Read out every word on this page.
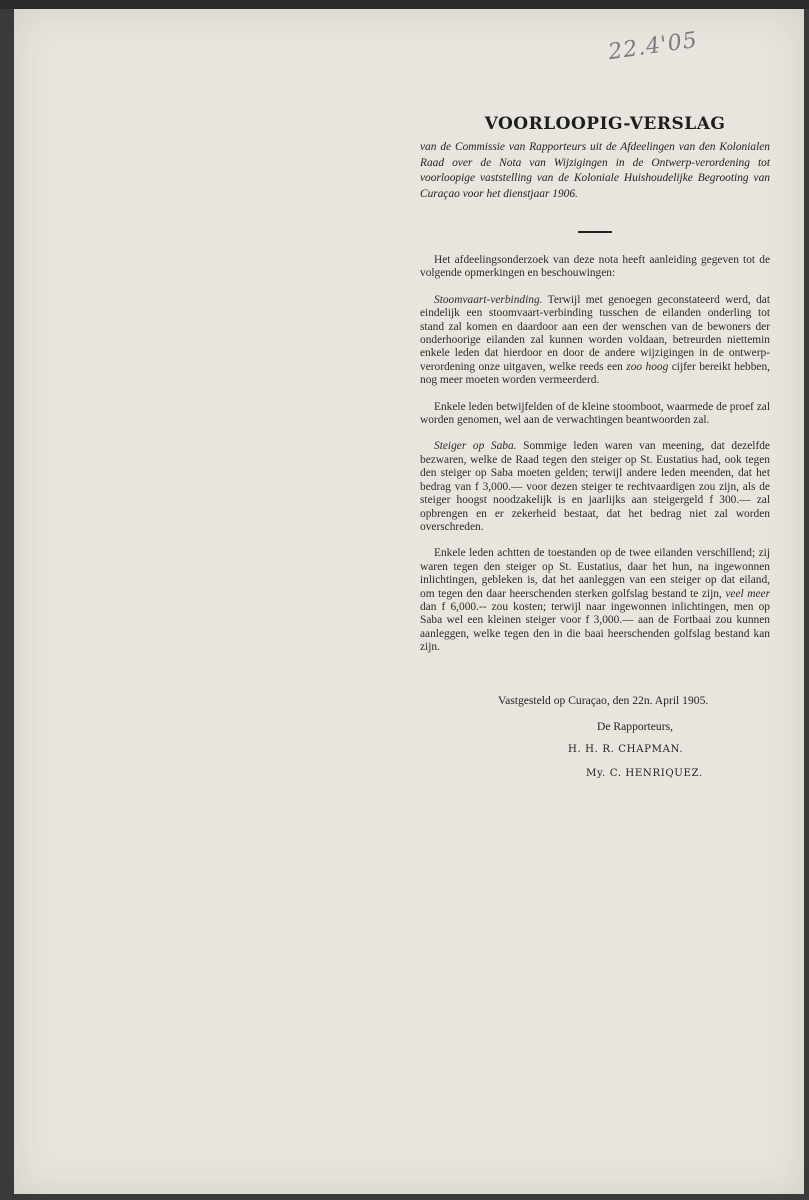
22.4'05
VOORLOOPIG-VERSLAG
van de Commissie van Rapporteurs uit de Afdeelingen van den Kolonialen Raad over de Nota van Wijzigingen in de Ontwerp-verordening tot voorloopige vaststelling van de Koloniale Huishoudelijke Begrooting van Curaçao voor het dienstjaar 1906.

Het afdeelingsonderzoek van deze nota heeft aanleiding gegeven tot de volgende opmerkingen en beschouwingen:

Stoomvaart-verbinding. Terwijl met genoegen geconstateerd werd, dat eindelijk een stoomvaart-verbinding tusschen de eilanden onderling tot stand zal komen en daardoor aan een der wenschen van de bewoners der onderhoorige eilanden zal kunnen worden voldaan, betreurden niettemin enkele leden dat hierdoor en door de andere wijzigingen in de ontwerp-verordening onze uitgaven, welke reeds een zoo hoog cijfer bereikt hebben, nog meer moeten worden vermeerderd.

Enkele leden betwijfelden of de kleine stoomboot, waarmede de proef zal worden genomen, wel aan de verwachtingen beantwoorden zal.

Steiger op Saba. Sommige leden waren van meening, dat dezelfde bezwaren, welke de Raad tegen den steiger op St. Eustatius had, ook tegen den steiger op Saba moeten gelden; terwijl andere leden meenden, dat het bedrag van f 3,000.— voor dezen steiger te rechtvaardigen zou zijn, als de steiger hoogst noodzakelijk is en jaarlijks aan steigergeld f 300.— zal opbrengen en er zekerheid bestaat, dat het bedrag niet zal worden overschreden.

Enkele leden achtten de toestanden op de twee eilanden verschillend; zij waren tegen den steiger op St. Eustatius, daar het hun, na ingewonnen inlichtingen, gebleken is, dat het aanleggen van een steiger op dat eiland, om tegen den daar heerschenden sterken golfslag bestand te zijn, veel meer dan f 6,000.-- zou kosten; terwijl naar ingewonnen inlichtingen, men op Saba wel een kleinen steiger voor f 3,000.— aan de Fortbaai zou kunnen aanleggen, welke tegen den in die baai heerschenden golfslag bestand kan zijn.

Vastgesteld op Curaçao, den 22n. April 1905.
De Rapporteurs,
H. H. R. CHAPMAN.
My. C. HENRIQUEZ.
